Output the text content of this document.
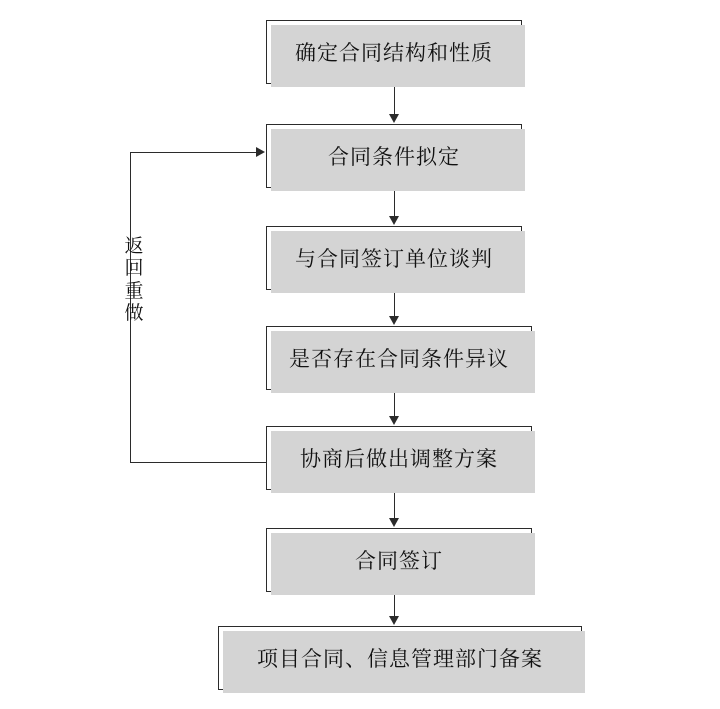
返
回
重
做
确定合同结构和性质
合同条件拟定
与合同签订单位谈判
是否存在合同条件异议
协商后做出调整方案
合同签订
项目合同、信息管理部门备案
